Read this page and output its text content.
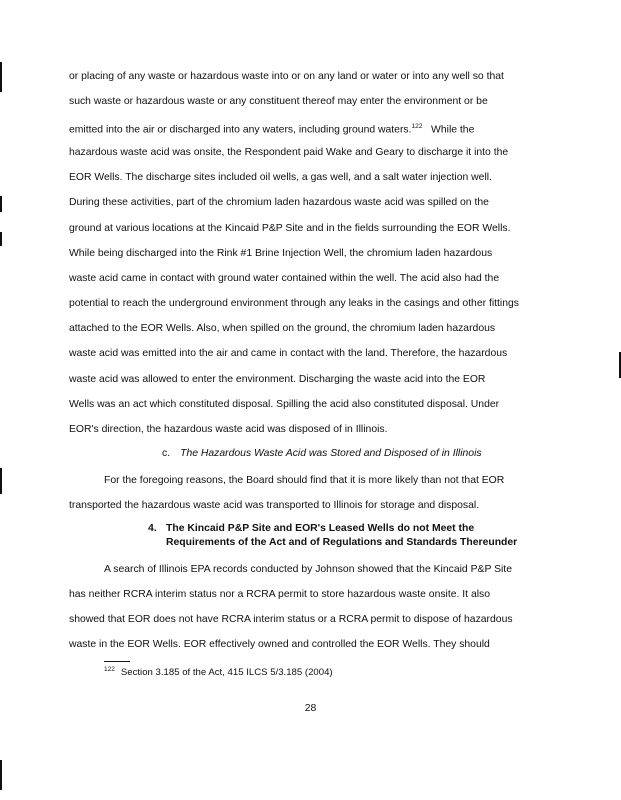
or placing of any waste or hazardous waste into or on any land or water or into any well so that
such waste or hazardous waste or any constituent thereof may enter the environment or be
emitted into the air or discharged into any waters, including ground waters.$^{122}$ While the
hazardous waste acid was onsite, the Respondent paid Wake and Geary to discharge it into the
EOR Wells. The discharge sites included oil wells, a gas well, and a salt water injection well.
During these activities, part of the chromium laden hazardous waste acid was spilled on the
ground at various locations at the Kincaid P&P Site and in the fields surrounding the EOR Wells.
While being discharged into the Rink #1 Brine Injection Well, the chromium laden hazardous
waste acid came in contact with ground water contained within the well. The acid also had the
potential to reach the underground environment through any leaks in the casings and other fittings
attached to the EOR Wells. Also, when spilled on the ground, the chromium laden hazardous
waste acid was emitted into the air and came in contact with the land. Therefore, the hazardous
waste acid was allowed to enter the environment. Discharging the waste acid into the EOR
Wells was an act which constituted disposal. Spilling the acid also constituted disposal. Under
EOR's direction, the hazardous waste acid was disposed of in Illinois.
c. The Hazardous Waste Acid was Stored and Disposed of in Illinois
For the foregoing reasons, the Board should find that it is more likely than not that EOR
transported the hazardous waste acid was transported to Illinois for storage and disposal.
4. The Kincaid P&P Site and EOR's Leased Wells do not Meet the
Requirements of the Act and of Regulations and Standards Thereunder
A search of Illinois EPA records conducted by Johnson showed that the Kincaid P&P Site
has neither RCRA interim status nor a RCRA permit to store hazardous waste onsite. It also
showed that EOR does not have RCRA interim status or a RCRA permit to dispose of hazardous
waste in the EOR Wells. EOR effectively owned and controlled the EOR Wells. They should
$^{122}$ Section 3.185 of the Act, 415 ILCS 5/3.185 (2004)
28
